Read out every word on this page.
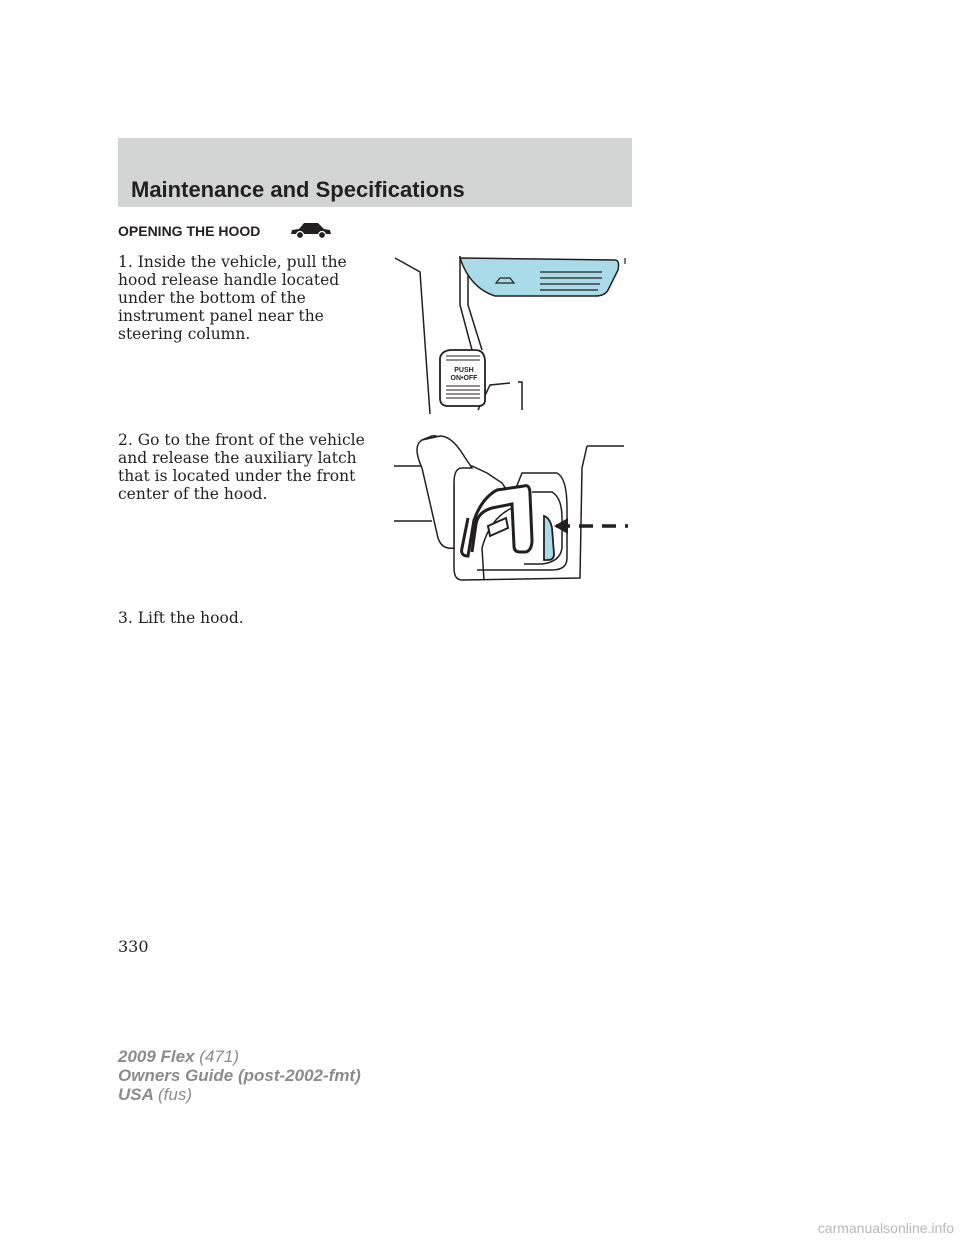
Maintenance and Specifications
OPENING THE HOOD
1. Inside the vehicle, pull the hood release handle located under the bottom of the instrument panel near the steering column.
2. Go to the front of the vehicle and release the auxiliary latch that is located under the front center of the hood.
3. Lift the hood.
PUSH
ON•OFF
330
2009 Flex (471)
Owners Guide (post-2002-fmt)
USA (fus)
carmanualsonline.info
